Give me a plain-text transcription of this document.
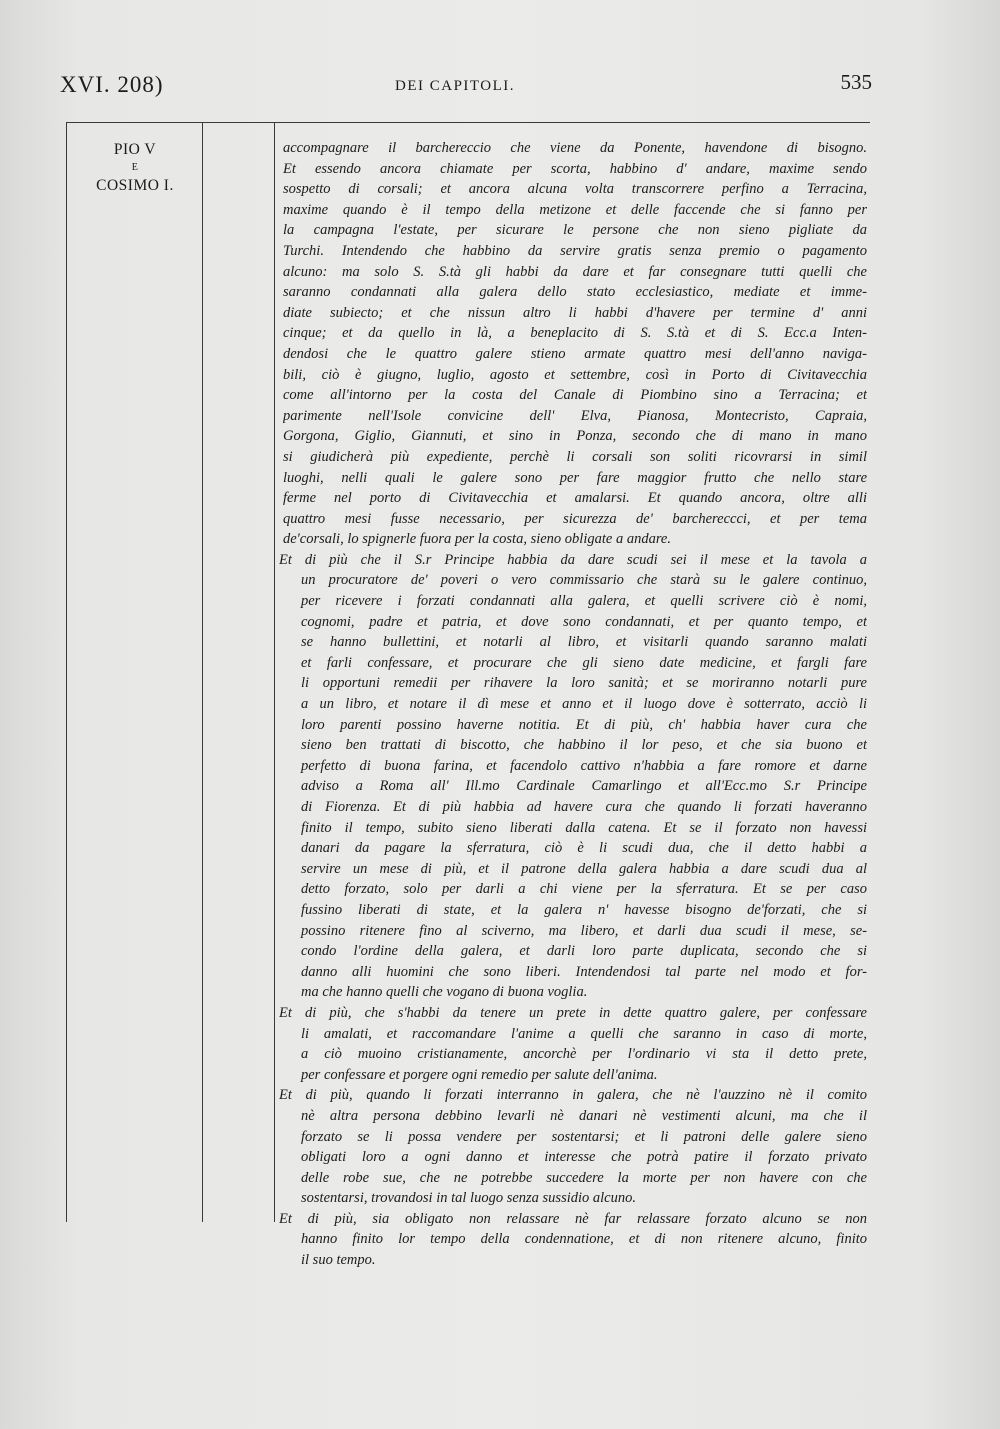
XVI. 208)	DEI CAPITOLI.	535
PIO V
E
COSIMO I.

accompagnare il barchereccio che viene da Ponente, havendone di bisogno.
Et essendo ancora chiamate per scorta, habbino d' andare, maxime sendo
sospetto di corsali; et ancora alcuna volta transcorrere perfino a Terracina,
maxime quando è il tempo della metizone et delle faccende che si fanno per
la campagna l'estate, per sicurare le persone che non sieno pigliate da
Turchi. Intendendo che habbino da servire gratis senza premio o pagamento
alcuno: ma solo S. S.tà gli habbi da dare et far consegnare tutti quelli che
saranno condannati alla galera dello stato ecclesiastico, mediate et imme-
diate subiecto; et che nissun altro li habbi d'havere per termine d' anni
cinque; et da quello in là, a beneplacito di S. S.tà et di S. Ecc.a Inten-
dendosi che le quattro galere stieno armate quattro mesi dell'anno naviga-
bili, ciò è giugno, luglio, agosto et settembre, così in Porto di Civitavecchia
come all'intorno per la costa del Canale di Piombino sino a Terracina; et
parimente nell'Isole convicine dell' Elva, Pianosa, Montecristo, Capraia,
Gorgona, Giglio, Giannuti, et sino in Ponza, secondo che di mano in mano
si giudicherà più expediente, perchè li corsali son soliti ricovrarsi in simil
luoghi, nelli quali le galere sono per fare maggior frutto che nello stare
ferme nel porto di Civitavecchia et amalarsi. Et quando ancora, oltre alli
quattro mesi fusse necessario, per sicurezza de' barchereccci, et per tema
de'corsali, lo spignerle fuora per la costa, sieno obligate a andare.

Et di più che il S.r Principe habbia da dare scudi sei il mese et la tavola a
un procuratore de' poveri o vero commissario che starà su le galere continuo,
per ricevere i forzati condannati alla galera, et quelli scrivere ciò è nomi,
cognomi, padre et patria, et dove sono condannati, et per quanto tempo, et
se hanno bullettini, et notarli al libro, et visitarli quando saranno malati
et farli confessare, et procurare che gli sieno date medicine, et fargli fare
li opportuni remedii per rihavere la loro sanità; et se moriranno notarli pure
a un libro, et notare il dì mese et anno et il luogo dove è sotterrato, acciò li
loro parenti possino haverne notitia. Et di più, ch' habbia haver cura che
sieno ben trattati di biscotto, che habbino il lor peso, et che sia buono et
perfetto di buona farina, et facendolo cattivo n'habbia a fare romore et darne
adviso a Roma all' Ill.mo Cardinale Camarlingo et all'Ecc.mo S.r Principe
di Fiorenza. Et di più habbia ad havere cura che quando li forzati haveranno
finito il tempo, subito sieno liberati dalla catena. Et se il forzato non havessi
danari da pagare la sferratura, ciò è li scudi dua, che il detto habbi a
servire un mese di più, et il patrone della galera habbia a dare scudi dua al
detto forzato, solo per darli a chi viene per la sferratura. Et se per caso
fussino liberati di state, et la galera n' havesse bisogno de'forzati, che si
possino ritenere fino al sciverno, ma libero, et darli dua scudi il mese, se-
condo l'ordine della galera, et darli loro parte duplicata, secondo che si
danno alli huomini che sono liberi. Intendendosi tal parte nel modo et for-
ma che hanno quelli che vogano di buona voglia.

Et di più, che s'habbi da tenere un prete in dette quattro galere, per confessare
li amalati, et raccomandare l'anime a quelli che saranno in caso di morte,
a ciò muoino cristianamente, ancorchè per l'ordinario vi sta il detto prete,
per confessare et porgere ogni remedio per salute dell'anima.

Et di più, quando li forzati interranno in galera, che nè l'auzzino nè il comito
nè altra persona debbino levarli nè danari nè vestimenti alcuni, ma che il
forzato se li possa vendere per sostentarsi; et li patroni delle galere sieno
obligati loro a ogni danno et interesse che potrà patire il forzato privato
delle robe sue, che ne potrebbe succedere la morte per non havere con che
sostentarsi, trovandosi in tal luogo senza sussidio alcuno.

Et di più, sia obligato non relassare nè far relassare forzato alcuno se non
hanno finito lor tempo della condennatione, et di non ritenere alcuno, finito
il suo tempo.
